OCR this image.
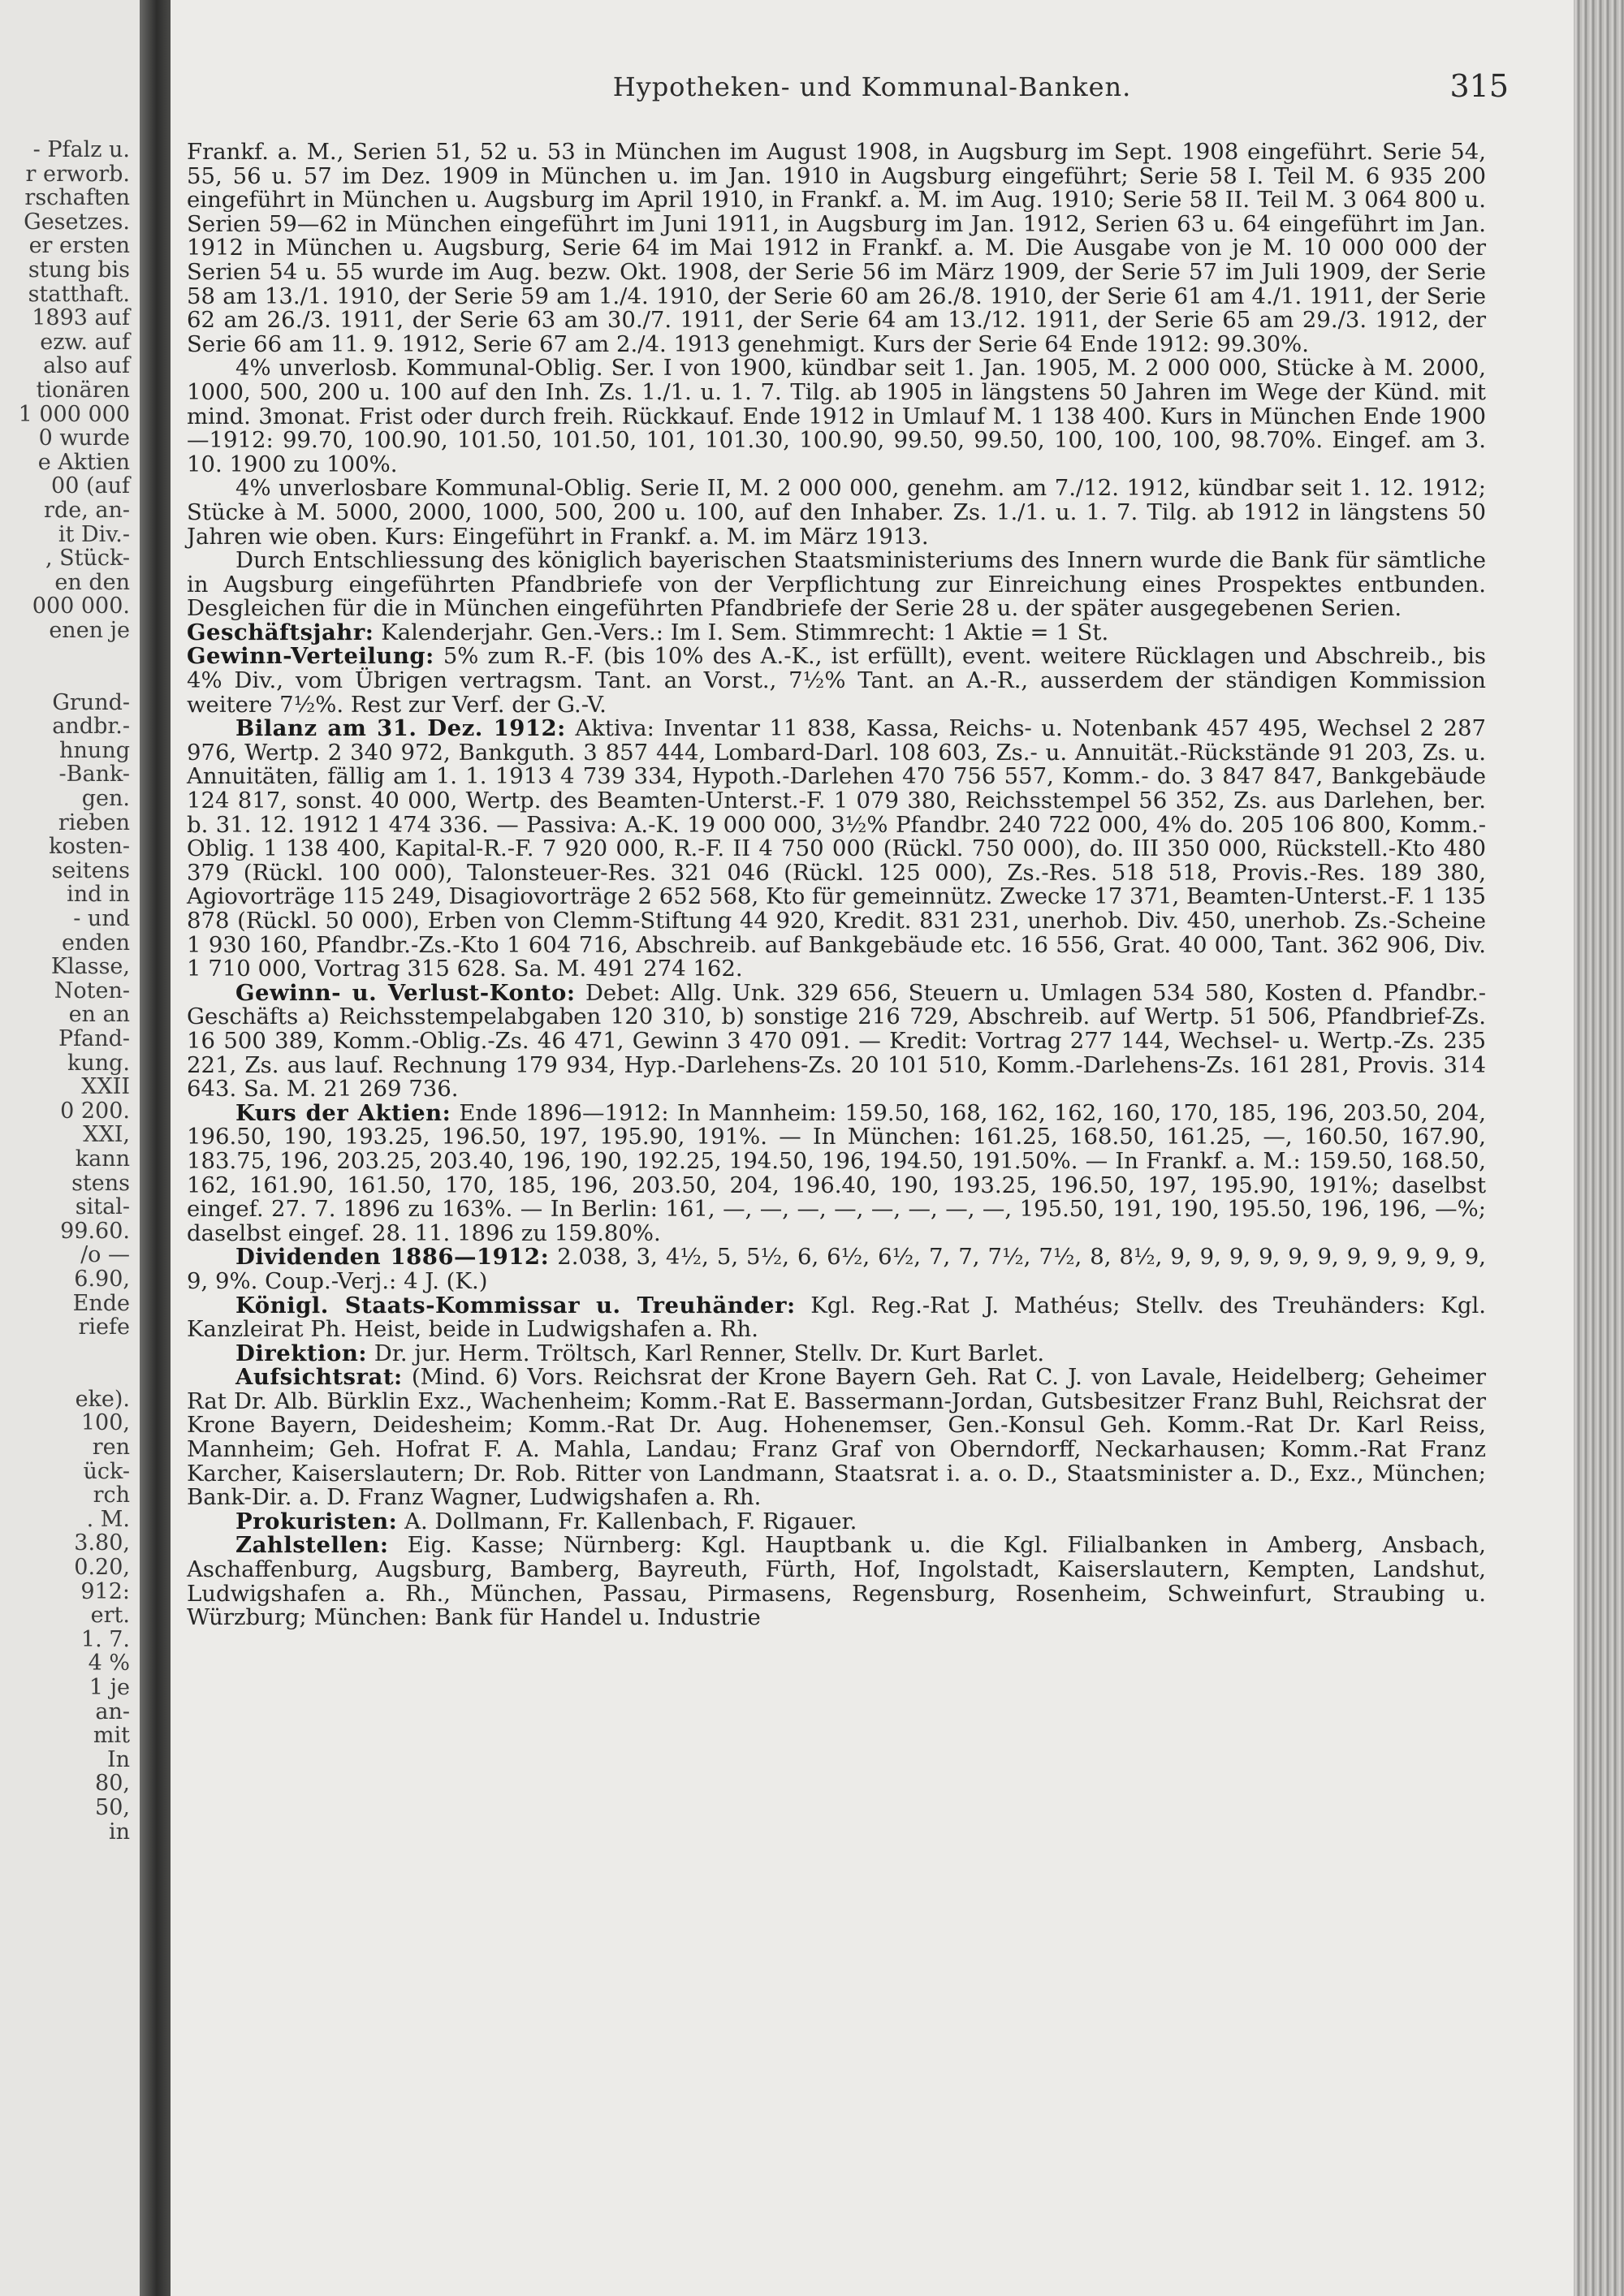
- Pfalz u.
r erworb.
rschaften
Gesetzes.
er ersten
stung bis
statthaft.
1893 auf
ezw. auf
also auf
tionären
1 000 000
0 wurde
e Aktien
00 (auf
rde, an-
it Div.-
, Stück-
en den
000 000.
enen je
Grund-
andbr.-
hnung
-Bank-
gen.
rieben
kosten-
seitens
ind in
- und
enden
Klasse,
Noten-
en an
Pfand-
kung.
XXII
0 200.
XXI,
kann
stens
sital-
99.60.
/o —
6.90,
Ende
riefe
eke).
100,
ren
ück-
rch
. M.
3.80,
0.20,
912:
ert.
1. 7.
4 %
1 je
an-
mit
In
80,
50,
in
Hypotheken- und Kommunal-Banken.	315

Frankf. a. M., Serien 51, 52 u. 53 in München im August 1908, in Augsburg im Sept. 1908 eingeführt. Serie 54, 55, 56 u. 57 im Dez. 1909 in München u. im Jan. 1910 in Augsburg eingeführt; Serie 58 I. Teil M. 6 935 200 eingeführt in München u. Augsburg im April 1910, in Frankf. a. M. im Aug. 1910; Serie 58 II. Teil M. 3 064 800 u. Serien 59—62 in München eingeführt im Juni 1911, in Augsburg im Jan. 1912, Serien 63 u. 64 eingeführt im Jan. 1912 in München u. Augsburg, Serie 64 im Mai 1912 in Frankf. a. M. Die Ausgabe von je M. 10 000 000 der Serien 54 u. 55 wurde im Aug. bezw. Okt. 1908, der Serie 56 im März 1909, der Serie 57 im Juli 1909, der Serie 58 am 13./1. 1910, der Serie 59 am 1./4. 1910, der Serie 60 am 26./8. 1910, der Serie 61 am 4./1. 1911, der Serie 62 am 26./3. 1911, der Serie 63 am 30./7. 1911, der Serie 64 am 13./12. 1911, der Serie 65 am 29./3. 1912, der Serie 66 am 11. 9. 1912, Serie 67 am 2./4. 1913 genehmigt. Kurs der Serie 64 Ende 1912: 99.30%.

4% unverlosb. Kommunal-Oblig. Ser. I von 1900, kündbar seit 1. Jan. 1905, M. 2 000 000, Stücke à M. 2000, 1000, 500, 200 u. 100 auf den Inh. Zs. 1./1. u. 1. 7. Tilg. ab 1905 in längstens 50 Jahren im Wege der Künd. mit mind. 3monat. Frist oder durch freih. Rückkauf. Ende 1912 in Umlauf M. 1 138 400. Kurs in München Ende 1900—1912: 99.70, 100.90, 101.50, 101.50, 101, 101.30, 100.90, 99.50, 99.50, 100, 100, 100, 98.70%. Eingef. am 3. 10. 1900 zu 100%.

4% unverlosbare Kommunal-Oblig. Serie II, M. 2 000 000, genehm. am 7./12. 1912, kündbar seit 1. 12. 1912; Stücke à M. 5000, 2000, 1000, 500, 200 u. 100, auf den Inhaber. Zs. 1./1. u. 1. 7. Tilg. ab 1912 in längstens 50 Jahren wie oben. Kurs: Eingeführt in Frankf. a. M. im März 1913.

Durch Entschliessung des königlich bayerischen Staatsministeriums des Innern wurde die Bank für sämtliche in Augsburg eingeführten Pfandbriefe von der Verpflichtung zur Einreichung eines Prospektes entbunden. Desgleichen für die in München eingeführten Pfandbriefe der Serie 28 u. der später ausgegebenen Serien.

Geschäftsjahr: Kalenderjahr. Gen.-Vers.: Im I. Sem. Stimmrecht: 1 Aktie = 1 St.

Gewinn-Verteilung: 5% zum R.-F. (bis 10% des A.-K., ist erfüllt), event. weitere Rücklagen und Abschreib., bis 4% Div., vom Übrigen vertragsm. Tant. an Vorst., 7½% Tant. an A.-R., ausserdem der ständigen Kommission weitere 7½%. Rest zur Verf. der G.-V.

Bilanz am 31. Dez. 1912: Aktiva: Inventar 11 838, Kassa, Reichs- u. Notenbank 457 495, Wechsel 2 287 976, Wertp. 2 340 972, Bankguth. 3 857 444, Lombard-Darl. 108 603, Zs.- u. Annuität.-Rückstände 91 203, Zs. u. Annuitäten, fällig am 1. 1. 1913 4 739 334, Hypoth.-Darlehen 470 756 557, Komm.- do. 3 847 847, Bankgebäude 124 817, sonst. 40 000, Wertp. des Beamten-Unterst.-F. 1 079 380, Reichsstempel 56 352, Zs. aus Darlehen, ber. b. 31. 12. 1912 1 474 336. — Passiva: A.-K. 19 000 000, 3½% Pfandbr. 240 722 000, 4% do. 205 106 800, Komm.-Oblig. 1 138 400, Kapital-R.-F. 7 920 000, R.-F. II 4 750 000 (Rückl. 750 000), do. III 350 000, Rückstell.-Kto 480 379 (Rückl. 100 000), Talonsteuer-Res. 321 046 (Rückl. 125 000), Zs.-Res. 518 518, Provis.-Res. 189 380, Agiovorträge 115 249, Disagiovorträge 2 652 568, Kto für gemeinnütz. Zwecke 17 371, Beamten-Unterst.-F. 1 135 878 (Rückl. 50 000), Erben von Clemm-Stiftung 44 920, Kredit. 831 231, unerhob. Div. 450, unerhob. Zs.-Scheine 1 930 160, Pfandbr.-Zs.-Kto 1 604 716, Abschreib. auf Bankgebäude etc. 16 556, Grat. 40 000, Tant. 362 906, Div. 1 710 000, Vortrag 315 628. Sa. M. 491 274 162.

Gewinn- u. Verlust-Konto: Debet: Allg. Unk. 329 656, Steuern u. Umlagen 534 580, Kosten d. Pfandbr.-Geschäfts a) Reichsstempelabgaben 120 310, b) sonstige 216 729, Abschreib. auf Wertp. 51 506, Pfandbrief-Zs. 16 500 389, Komm.-Oblig.-Zs. 46 471, Gewinn 3 470 091. — Kredit: Vortrag 277 144, Wechsel- u. Wertp.-Zs. 235 221, Zs. aus lauf. Rechnung 179 934, Hyp.-Darlehens-Zs. 20 101 510, Komm.-Darlehens-Zs. 161 281, Provis. 314 643. Sa. M. 21 269 736.

Kurs der Aktien: Ende 1896—1912: In Mannheim: 159.50, 168, 162, 162, 160, 170, 185, 196, 203.50, 204, 196.50, 190, 193.25, 196.50, 197, 195.90, 191%. — In München: 161.25, 168.50, 161.25, —, 160.50, 167.90, 183.75, 196, 203.25, 203.40, 196, 190, 192.25, 194.50, 196, 194.50, 191.50%. — In Frankf. a. M.: 159.50, 168.50, 162, 161.90, 161.50, 170, 185, 196, 203.50, 204, 196.40, 190, 193.25, 196.50, 197, 195.90, 191%; daselbst eingef. 27. 7. 1896 zu 163%. — In Berlin: 161, —, —, —, —, —, —, —, —, 195.50, 191, 190, 195.50, 196, 196, —%; daselbst eingef. 28. 11. 1896 zu 159.80%.

Dividenden 1886—1912: 2.038, 3, 4½, 5, 5½, 6, 6½, 6½, 7, 7, 7½, 7½, 8, 8½, 9, 9, 9, 9, 9, 9, 9, 9, 9, 9, 9, 9, 9%. Coup.-Verj.: 4 J. (K.)

Königl. Staats-Kommissar u. Treuhänder: Kgl. Reg.-Rat J. Mathéus; Stellv. des Treuhänders: Kgl. Kanzleirat Ph. Heist, beide in Ludwigshafen a. Rh.

Direktion: Dr. jur. Herm. Tröltsch, Karl Renner, Stellv. Dr. Kurt Barlet.

Aufsichtsrat: (Mind. 6) Vors. Reichsrat der Krone Bayern Geh. Rat C. J. von Lavale, Heidelberg; Geheimer Rat Dr. Alb. Bürklin Exz., Wachenheim; Komm.-Rat E. Bassermann-Jordan, Gutsbesitzer Franz Buhl, Reichsrat der Krone Bayern, Deidesheim; Komm.-Rat Dr. Aug. Hohenemser, Gen.-Konsul Geh. Komm.-Rat Dr. Karl Reiss, Mannheim; Geh. Hofrat F. A. Mahla, Landau; Franz Graf von Oberndorff, Neckarhausen; Komm.-Rat Franz Karcher, Kaiserslautern; Dr. Rob. Ritter von Landmann, Staatsrat i. a. o. D., Staatsminister a. D., Exz., München; Bank-Dir. a. D. Franz Wagner, Ludwigshafen a. Rh.

Prokuristen: A. Dollmann, Fr. Kallenbach, F. Rigauer.

Zahlstellen: Eig. Kasse; Nürnberg: Kgl. Hauptbank u. die Kgl. Filialbanken in Amberg, Ansbach, Aschaffenburg, Augsburg, Bamberg, Bayreuth, Fürth, Hof, Ingolstadt, Kaiserslautern, Kempten, Landshut, Ludwigshafen a. Rh., München, Passau, Pirmasens, Regensburg, Rosenheim, Schweinfurt, Straubing u. Würzburg; München: Bank für Handel u. Industrie
